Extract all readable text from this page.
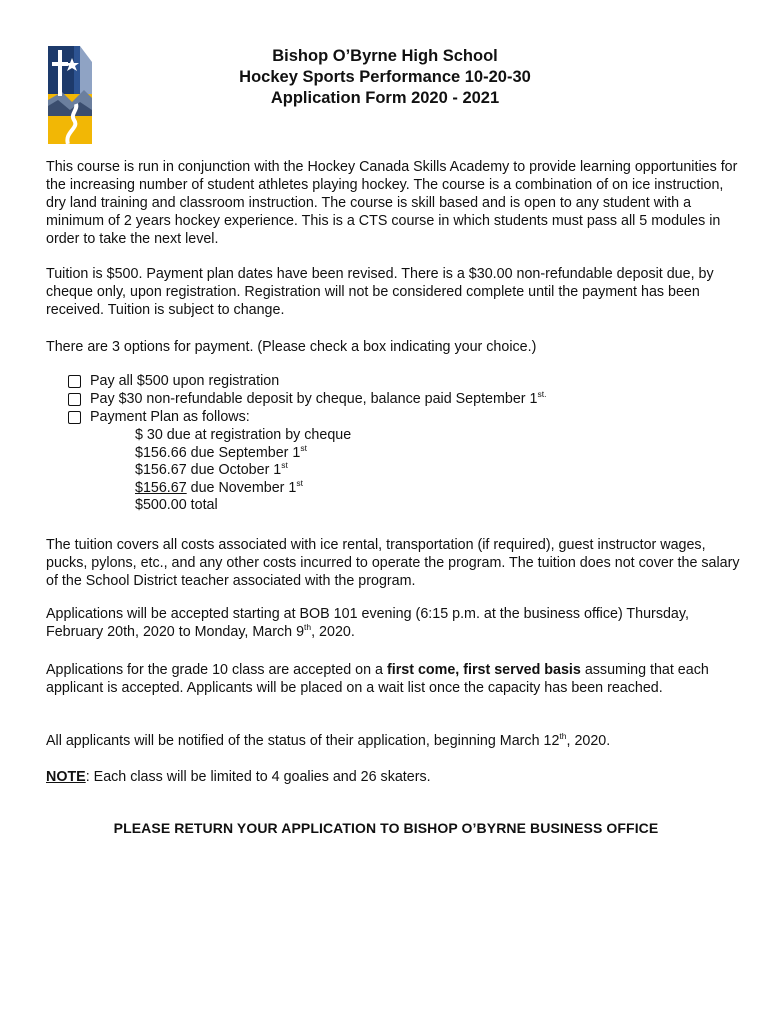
Bishop O’Byrne High School
Hockey Sports Performance 10-20-30
Application Form 2020 - 2021

This course is run in conjunction with the Hockey Canada Skills Academy to provide learning opportunities for the increasing number of student athletes playing hockey. The course is a combination of on ice instruction, dry land training and classroom instruction. The course is skill based and is open to any student with a minimum of 2 years hockey experience. This is a CTS course in which students must pass all 5 modules in order to take the next level.

Tuition is $500. Payment plan dates have been revised. There is a $30.00 non-refundable deposit due, by cheque only, upon registration. Registration will not be considered complete until the payment has been received. Tuition is subject to change.

There are 3 options for payment. (Please check a box indicating your choice.)

Pay all $500 upon registration
Pay $30 non-refundable deposit by cheque, balance paid September $1^{st.}$
Payment Plan as follows:
$ 30 due at registration by cheque
$156.66 due September 1st
$156.67 due October 1st
$156.67 due November 1st
$500.00 total

The tuition covers all costs associated with ice rental, transportation (if required), guest instructor wages, pucks, pylons, etc., and any other costs incurred to operate the program. The tuition does not cover the salary of the School District teacher associated with the program.

Applications will be accepted starting at BOB 101 evening (6:15 p.m. at the business office) Thursday, February 20th, 2020 to Monday, March 9th, 2020.

Applications for the grade 10 class are accepted on a first come, first served basis assuming that each applicant is accepted. Applicants will be placed on a wait list once the capacity has been reached.

All applicants will be notified of the status of their application, beginning March 12th, 2020.

NOTE: Each class will be limited to 4 goalies and 26 skaters.

PLEASE RETURN YOUR APPLICATION TO BISHOP O’BYRNE BUSINESS OFFICE
